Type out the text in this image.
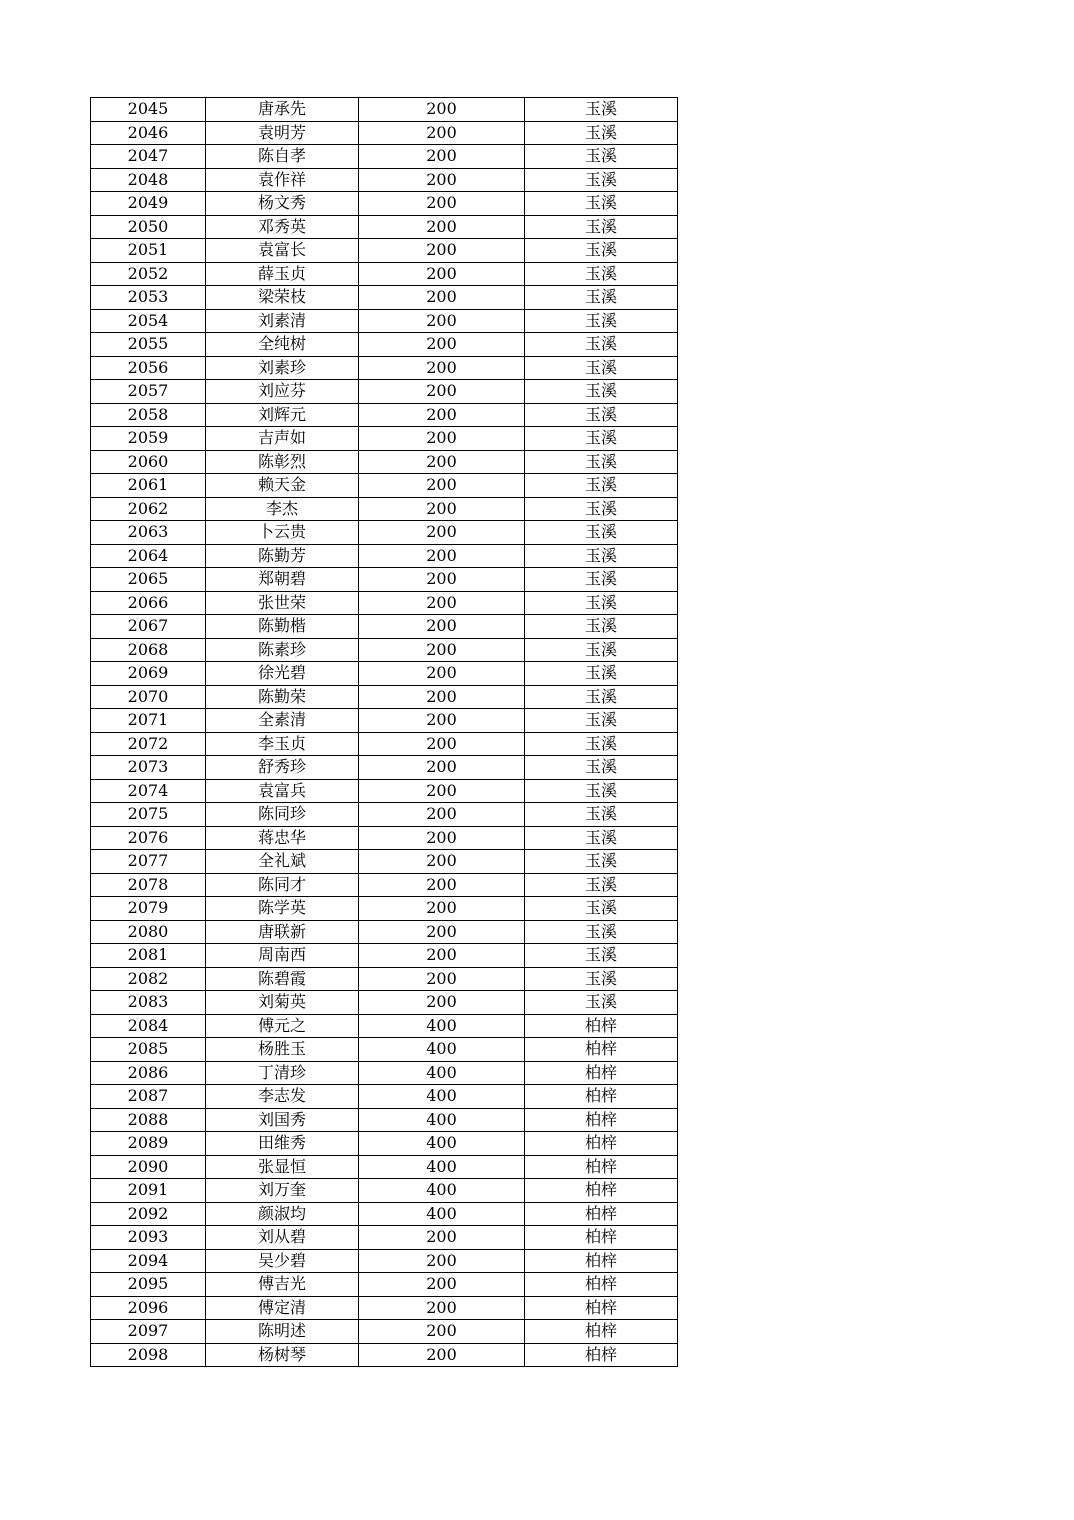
2045	唐承先	200	玉溪
2046	袁明芳	200	玉溪
2047	陈自孝	200	玉溪
2048	袁作祥	200	玉溪
2049	杨文秀	200	玉溪
2050	邓秀英	200	玉溪
2051	袁富长	200	玉溪
2052	薛玉贞	200	玉溪
2053	梁荣枝	200	玉溪
2054	刘素清	200	玉溪
2055	全纯树	200	玉溪
2056	刘素珍	200	玉溪
2057	刘应芬	200	玉溪
2058	刘辉元	200	玉溪
2059	吉声如	200	玉溪
2060	陈彰烈	200	玉溪
2061	赖天金	200	玉溪
2062	李杰	200	玉溪
2063	卜云贵	200	玉溪
2064	陈勤芳	200	玉溪
2065	郑朝碧	200	玉溪
2066	张世荣	200	玉溪
2067	陈勤楷	200	玉溪
2068	陈素珍	200	玉溪
2069	徐光碧	200	玉溪
2070	陈勤荣	200	玉溪
2071	全素清	200	玉溪
2072	李玉贞	200	玉溪
2073	舒秀珍	200	玉溪
2074	袁富兵	200	玉溪
2075	陈同珍	200	玉溪
2076	蒋忠华	200	玉溪
2077	全礼斌	200	玉溪
2078	陈同才	200	玉溪
2079	陈学英	200	玉溪
2080	唐联新	200	玉溪
2081	周南西	200	玉溪
2082	陈碧霞	200	玉溪
2083	刘菊英	200	玉溪
2084	傅元之	400	柏梓
2085	杨胜玉	400	柏梓
2086	丁清珍	400	柏梓
2087	李志发	400	柏梓
2088	刘国秀	400	柏梓
2089	田维秀	400	柏梓
2090	张显恒	400	柏梓
2091	刘万奎	400	柏梓
2092	颜淑均	400	柏梓
2093	刘从碧	200	柏梓
2094	吴少碧	200	柏梓
2095	傅吉光	200	柏梓
2096	傅定清	200	柏梓
2097	陈明述	200	柏梓
2098	杨树琴	200	柏梓
